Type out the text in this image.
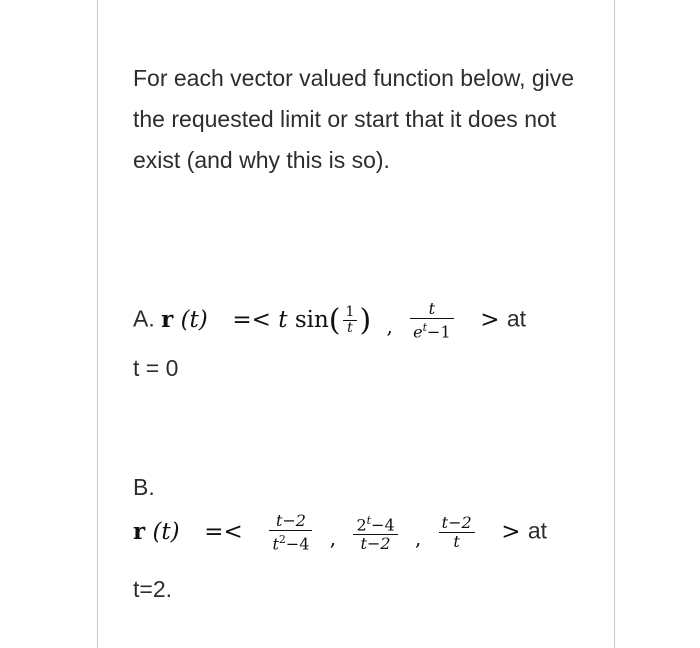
For each vector valued function below, give the requested limit or start that it does not exist (and why this is so).
A. r (t) =< t $\sin( \frac{1}{t}$ ) , $\frac{t}{e^t-1}$ > at
t = 0
B.
r $(t) =< \frac{t-2}{t^2-4}$ , $\frac{2^t-4}{t-2}$ , $\frac{t-2}{t}$ > at
t=2.
